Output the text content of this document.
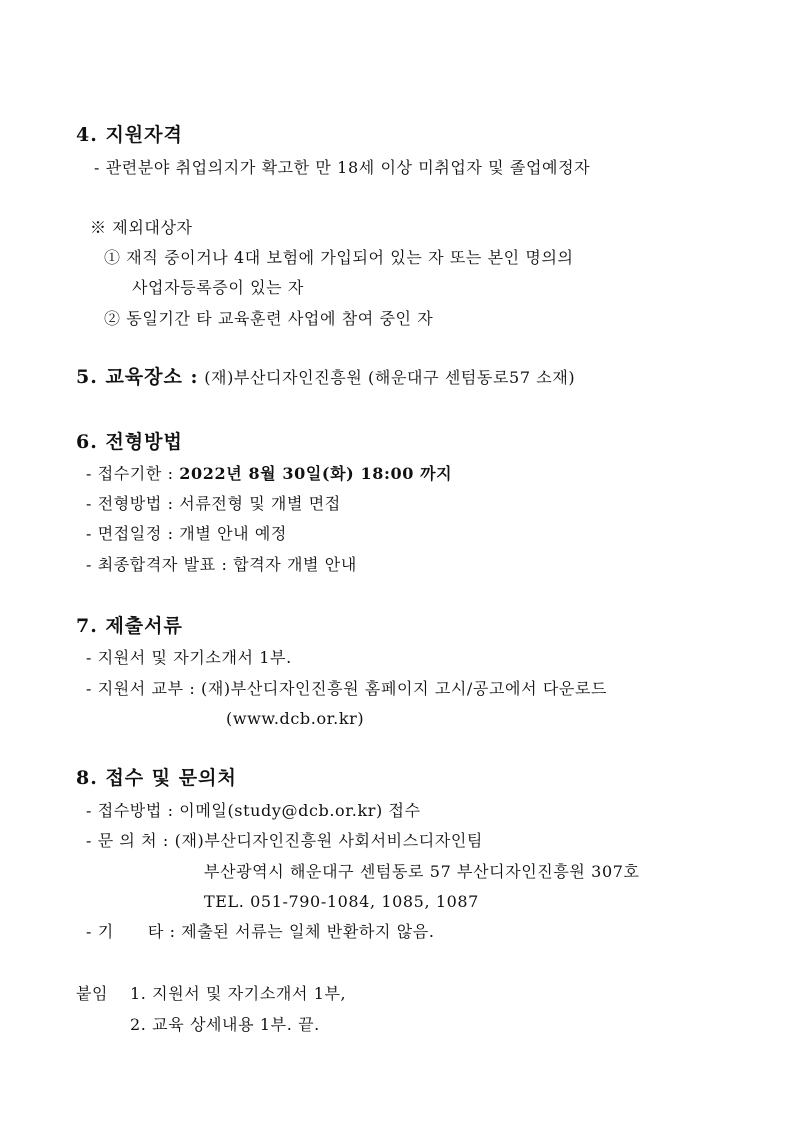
4. 지원자격
- 관련분야 취업의지가 확고한 만 18세 이상 미취업자 및 졸업예정자
※ 제외대상자
① 재직 중이거나 4대 보험에 가입되어 있는 자 또는 본인 명의의
사업자등록증이 있는 자
② 동일기간 타 교육훈련 사업에 참여 중인 자
5. 교육장소 : (재)부산디자인진흥원 (해운대구 센텀동로57 소재)
6. 전형방법
- 접수기한 : 2022년 8월 30일(화) 18:00 까지
- 전형방법 : 서류전형 및 개별 면접
- 면접일정 : 개별 안내 예정
- 최종합격자 발표 : 합격자 개별 안내
7. 제출서류
- 지원서 및 자기소개서 1부.
- 지원서 교부 : (재)부산디자인진흥원 홈페이지 고시/공고에서 다운로드
(www.dcb.or.kr)
8. 접수 및 문의처
- 접수방법 : 이메일(study@dcb.or.kr) 접수
- 문 의 처 : (재)부산디자인진흥원 사회서비스디자인팀
부산광역시 해운대구 센텀동로 57 부산디자인진흥원 307호
TEL. 051-790-1084, 1085, 1087
- 기      타 : 제출된 서류는 일체 반환하지 않음.
붙임 1. 지원서 및 자기소개서 1부,
2. 교육 상세내용 1부. 끝.
